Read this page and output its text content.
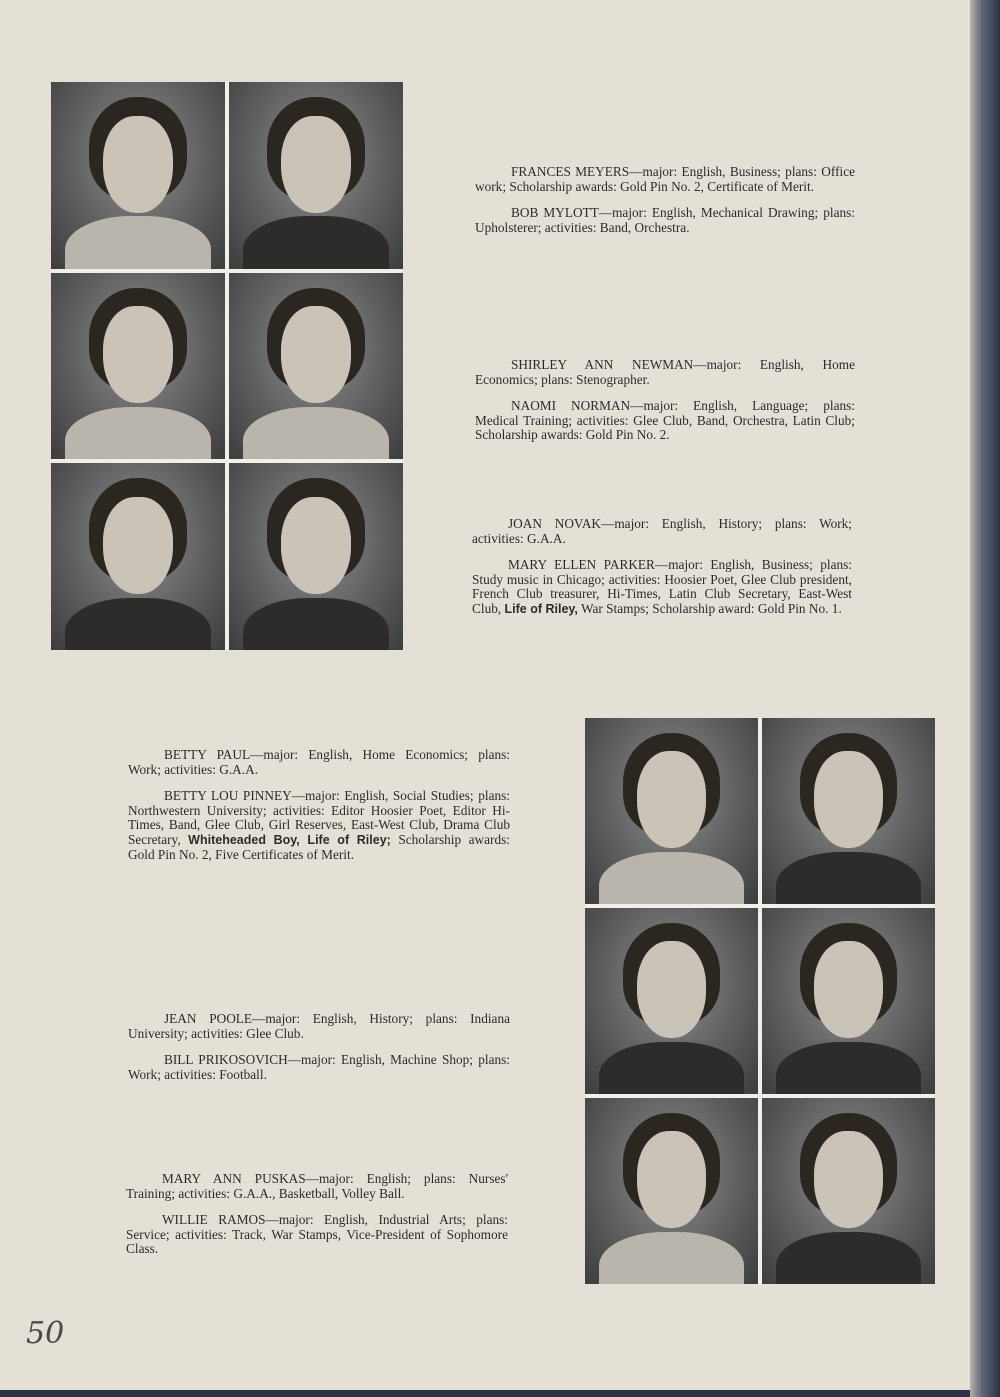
FRANCES MEYERS—major: English, Business; plans: Office work; Scholarship awards: Gold Pin No. 2, Certificate of Merit.

BOB MYLOTT—major: English, Mechanical Drawing; plans: Upholsterer; activities: Band, Orchestra.

SHIRLEY ANN NEWMAN—major: English, Home Economics; plans: Stenographer.

NAOMI NORMAN—major: English, Language; plans: Medical Training; activities: Glee Club, Band, Orchestra, Latin Club; Scholarship awards: Gold Pin No. 2.

JOAN NOVAK—major: English, History; plans: Work; activities: G.A.A.

MARY ELLEN PARKER—major: English, Business; plans: Study music in Chicago; activities: Hoosier Poet, Glee Club president, French Club treasurer, Hi-Times, Latin Club Secretary, East-West Club, Life of Riley, War Stamps; Scholarship award: Gold Pin No. 1.

BETTY PAUL—major: English, Home Economics; plans: Work; activities: G.A.A.

BETTY LOU PINNEY—major: English, Social Studies; plans: Northwestern University; activities: Editor Hoosier Poet, Editor Hi-Times, Band, Glee Club, Girl Reserves, East-West Club, Drama Club Secretary, Whiteheaded Boy, Life of Riley; Scholarship awards: Gold Pin No. 2, Five Certificates of Merit.

JEAN POOLE—major: English, History; plans: Indiana University; activities: Glee Club.

BILL PRIKOSOVICH—major: English, Machine Shop; plans: Work; activities: Football.

MARY ANN PUSKAS—major: English; plans: Nurses' Training; activities: G.A.A., Basketball, Volley Ball.

WILLIE RAMOS—major: English, Industrial Arts; plans: Service; activities: Track, War Stamps, Vice-President of Sophomore Class.

50
